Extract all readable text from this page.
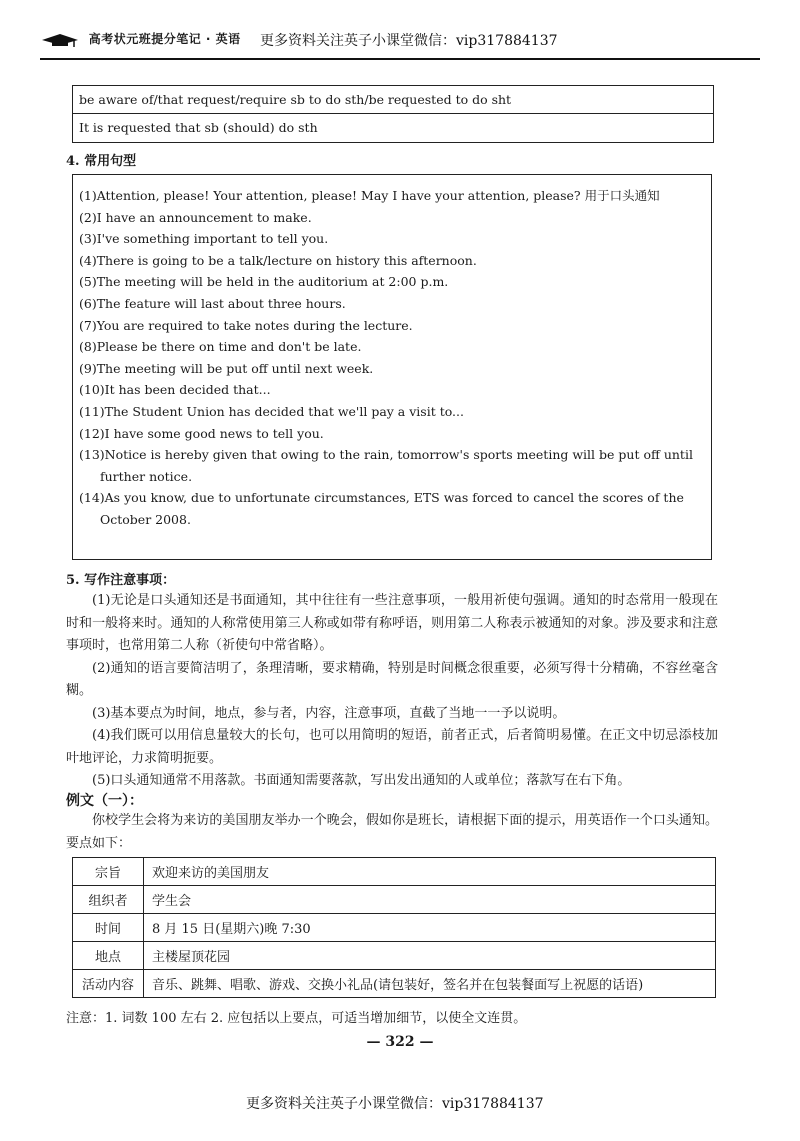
高考状元班提分笔记 · 英语 更多资料关注英子小课堂微信：vip317884137
be aware of/that request/require sb to do sth/be requested to do sht
It is requested that sb (should) do sth
4. 常用句型
(1)Attention, please! Your attention, please! May I have your attention, please? 用于口头通知
(2)I have an announcement to make.
(3)I've something important to tell you.
(4)There is going to be a talk/lecture on history this afternoon.
(5)The meeting will be held in the auditorium at 2:00 p.m.
(6)The feature will last about three hours.
(7)You are required to take notes during the lecture.
(8)Please be there on time and don't be late.
(9)The meeting will be put off until next week.
(10)It has been decided that...
(11)The Student Union has decided that we'll pay a visit to...
(12)I have some good news to tell you.
(13)Notice is hereby given that owing to the rain, tomorrow's sports meeting will be put off until further notice.
(14)As you know, due to unfortunate circumstances, ETS was forced to cancel the scores of the October 2008.
5. 写作注意事项：
(1)无论是口头通知还是书面通知，其中往往有一些注意事项，一般用祈使句强调。通知的时态常用一般现在时和一般将来时。通知的人称常使用第三人称或如带有称呼语，则用第二人称表示被通知的对象。涉及要求和注意事项时，也常用第二人称（祈使句中常省略）。
(2)通知的语言要简洁明了，条理清晰，要求精确，特别是时间概念很重要，必须写得十分精确，不容丝毫含糊。
(3)基本要点为时间，地点，参与者，内容，注意事项，直截了当地一一予以说明。
(4)我们既可以用信息量较大的长句，也可以用简明的短语，前者正式，后者简明易懂。在正文中切忌添枝加叶地评论，力求简明扼要。
(5)口头通知通常不用落款。书面通知需要落款，写出发出通知的人或单位；落款写在右下角。
例文（一）：
你校学生会将为来访的美国朋友举办一个晚会，假如你是班长，请根据下面的提示，用英语作一个口头通知。要点如下：
宗旨	欢迎来访的美国朋友
组织者	学生会
时间	8 月 15 日(星期六)晚 7:30
地点	主楼屋顶花园
活动内容	音乐、跳舞、唱歌、游戏、交换小礼品(请包装好，签名并在包装餐面写上祝愿的话语)
注意：1. 词数 100 左右 2. 应包括以上要点，可适当增加细节，以使全文连贯。
— 322 —
更多资料关注英子小课堂微信：vip317884137
